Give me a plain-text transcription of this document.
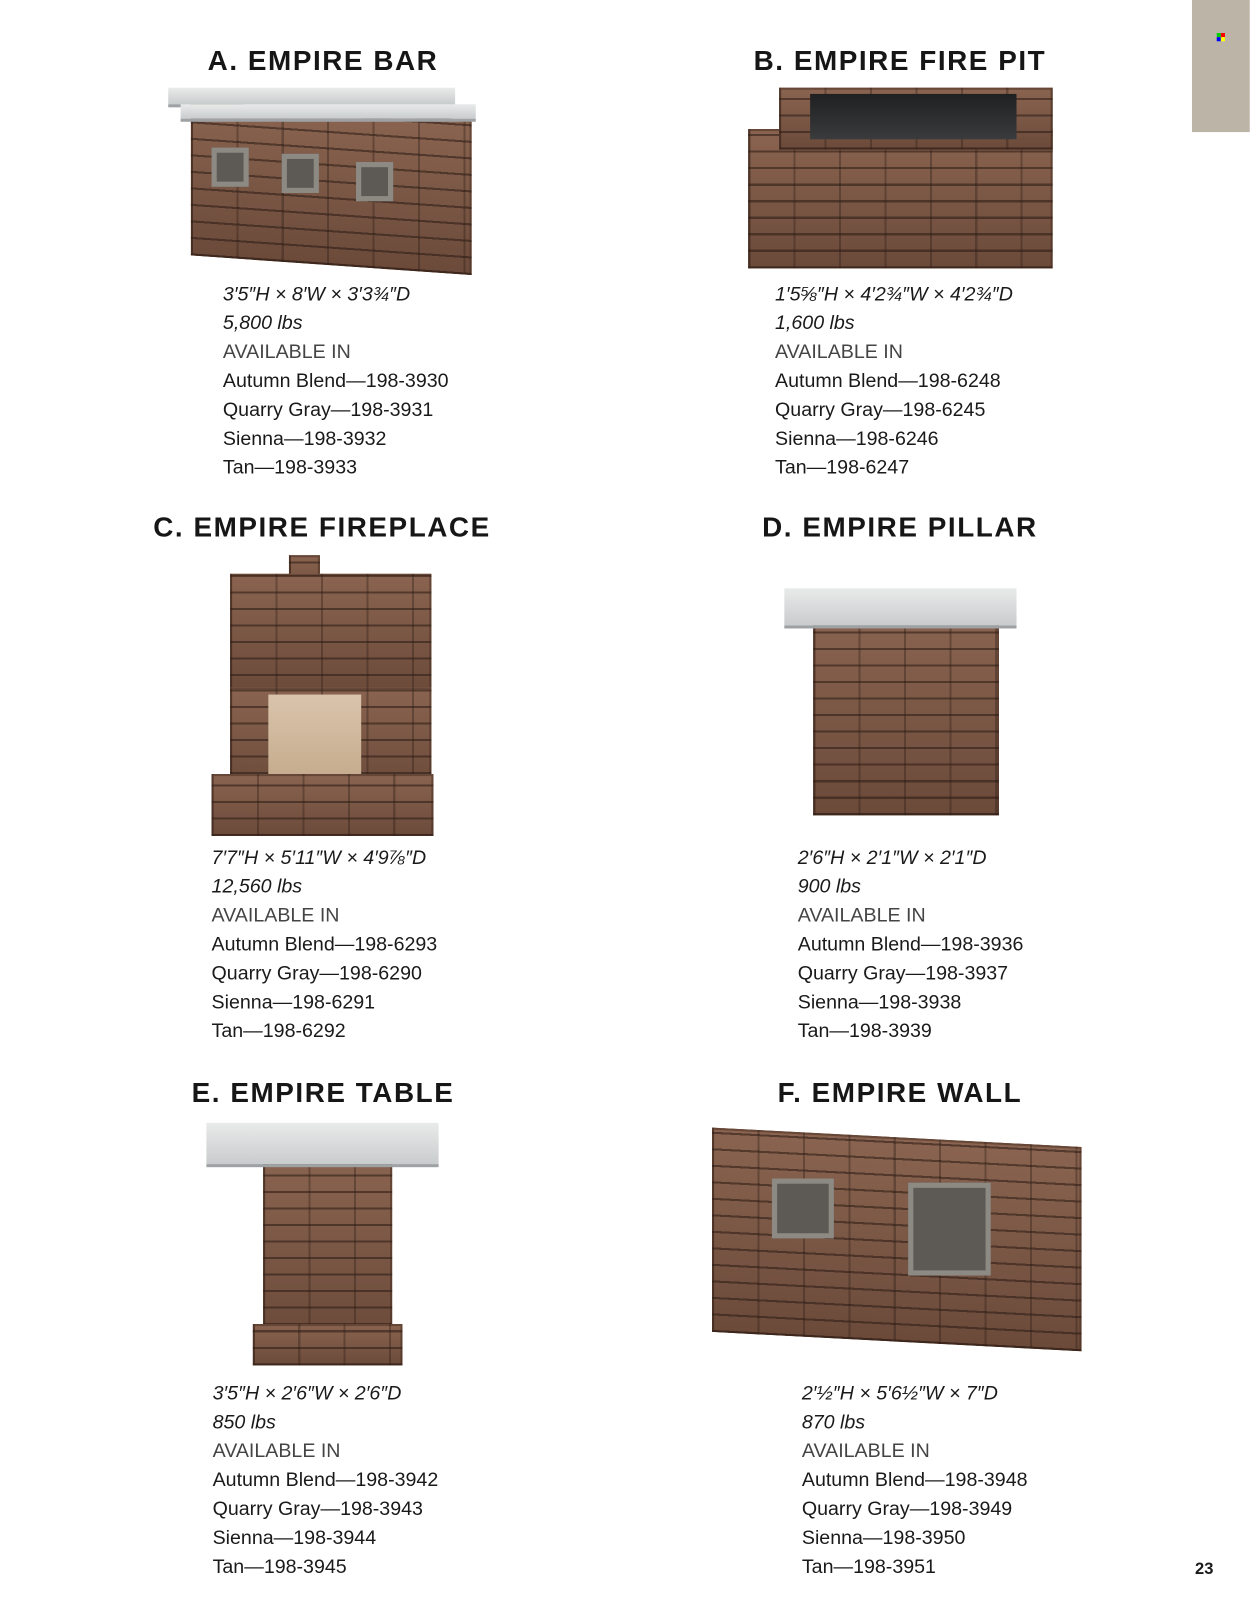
A. EMPIRE BAR
3′5″H × 8′W × 3′3¾″D
5,800 lbs
AVAILABLE IN
Autumn Blend—198-3930
Quarry Gray—198-3931
Sienna—198-3932
Tan—198-3933
B. EMPIRE FIRE PIT
1′5⅝″H × 4′2¾″W × 4′2¾″D
1,600 lbs
AVAILABLE IN
Autumn Blend—198-6248
Quarry Gray—198-6245
Sienna—198-6246
Tan—198-6247
C. EMPIRE FIREPLACE
7′7″H × 5′11″W × 4′9⅞″D
12,560 lbs
AVAILABLE IN
Autumn Blend—198-6293
Quarry Gray—198-6290
Sienna—198-6291
Tan—198-6292
D. EMPIRE PILLAR
2′6″H × 2′1″W × 2′1″D
900 lbs
AVAILABLE IN
Autumn Blend—198-3936
Quarry Gray—198-3937
Sienna—198-3938
Tan—198-3939
E. EMPIRE TABLE
3′5″H × 2′6″W × 2′6″D
850 lbs
AVAILABLE IN
Autumn Blend—198-3942
Quarry Gray—198-3943
Sienna—198-3944
Tan—198-3945
F. EMPIRE WALL
2′½″H × 5′6½″W × 7″D
870 lbs
AVAILABLE IN
Autumn Blend—198-3948
Quarry Gray—198-3949
Sienna—198-3950
Tan—198-3951	23
